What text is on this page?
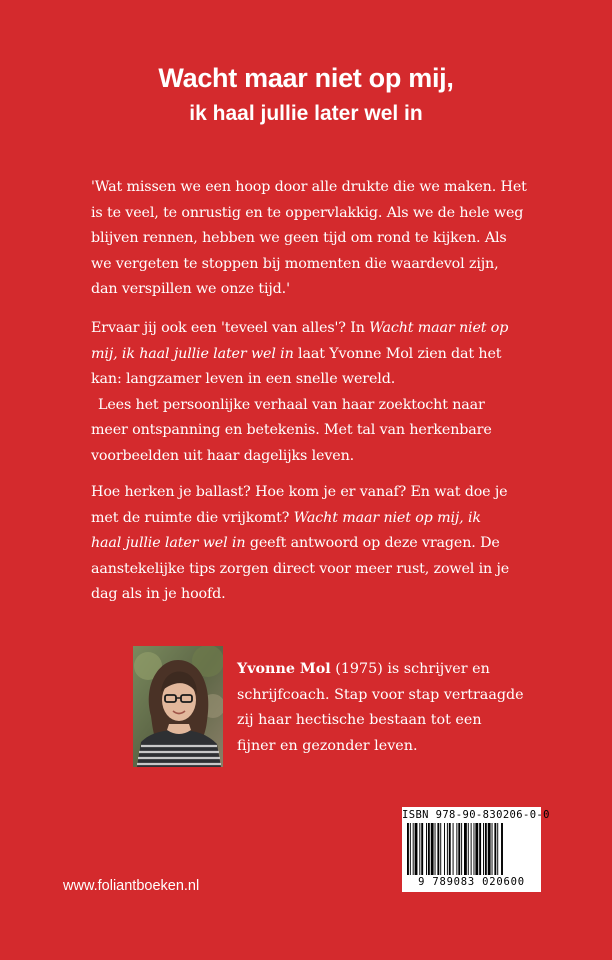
Wacht maar niet op mij,
ik haal jullie later wel in
'Wat missen we een hoop door alle drukte die we maken. Het
is te veel, te onrustig en te oppervlakkig. Als we de hele weg
blijven rennen, hebben we geen tijd om rond te kijken. Als
we vergeten te stoppen bij momenten die waardevol zijn,
dan verspillen we onze tijd.'
Ervaar jij ook een 'teveel van alles'? In Wacht maar niet op
mij, ik haal jullie later wel in laat Yvonne Mol zien dat het
kan: langzamer leven in een snelle wereld.
Lees het persoonlijke verhaal van haar zoektocht naar
meer ontspanning en betekenis. Met tal van herkenbare
voorbeelden uit haar dagelijks leven.
Hoe herken je ballast? Hoe kom je er vanaf? En wat doe je
met de ruimte die vrijkomt? Wacht maar niet op mij, ik
haal jullie later wel in geeft antwoord op deze vragen. De
aanstekelijke tips zorgen direct voor meer rust, zowel in je
dag als in je hoofd.
Yvonne Mol (1975) is schrijver en
schrijfcoach. Stap voor stap vertraagde
zij haar hectische bestaan tot een
fijner en gezonder leven.
ISBN 978-90-830206-0-0
9 789083 020600
www.foliantboeken.nl
